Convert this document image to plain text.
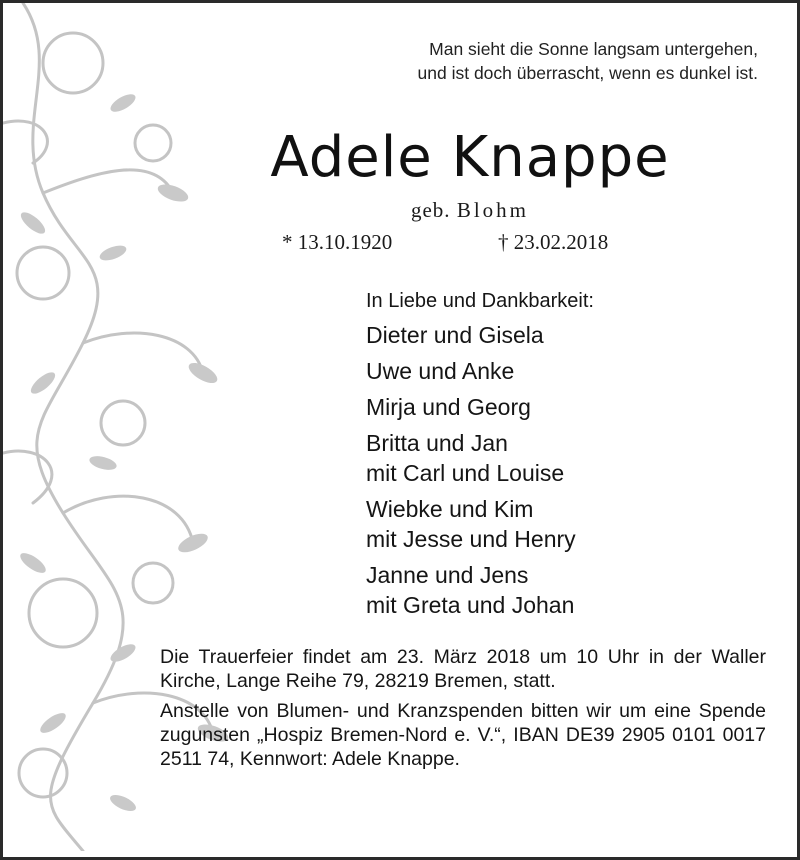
Man sieht die Sonne langsam untergehen,
und ist doch überrascht, wenn es dunkel ist.
Adele Knappe
geb. Blohm
* 13.10.1920	† 23.02.2018
In Liebe und Dankbarkeit:
Dieter und Gisela
Uwe und Anke
Mirja und Georg
Britta und Jan
mit Carl und Louise
Wiebke und Kim
mit Jesse und Henry
Janne und Jens
mit Greta und Johan

Die Trauerfeier findet am 23. März 2018 um 10 Uhr in der Waller Kirche, Lange Reihe 79, 28219 Bremen, statt.

Anstelle von Blumen- und Kranzspenden bitten wir um eine Spende zugunsten „Hospiz Bremen-Nord e. V.“, IBAN DE39 2905 0101 0017 2511 74, Kennwort: Adele Knappe.
